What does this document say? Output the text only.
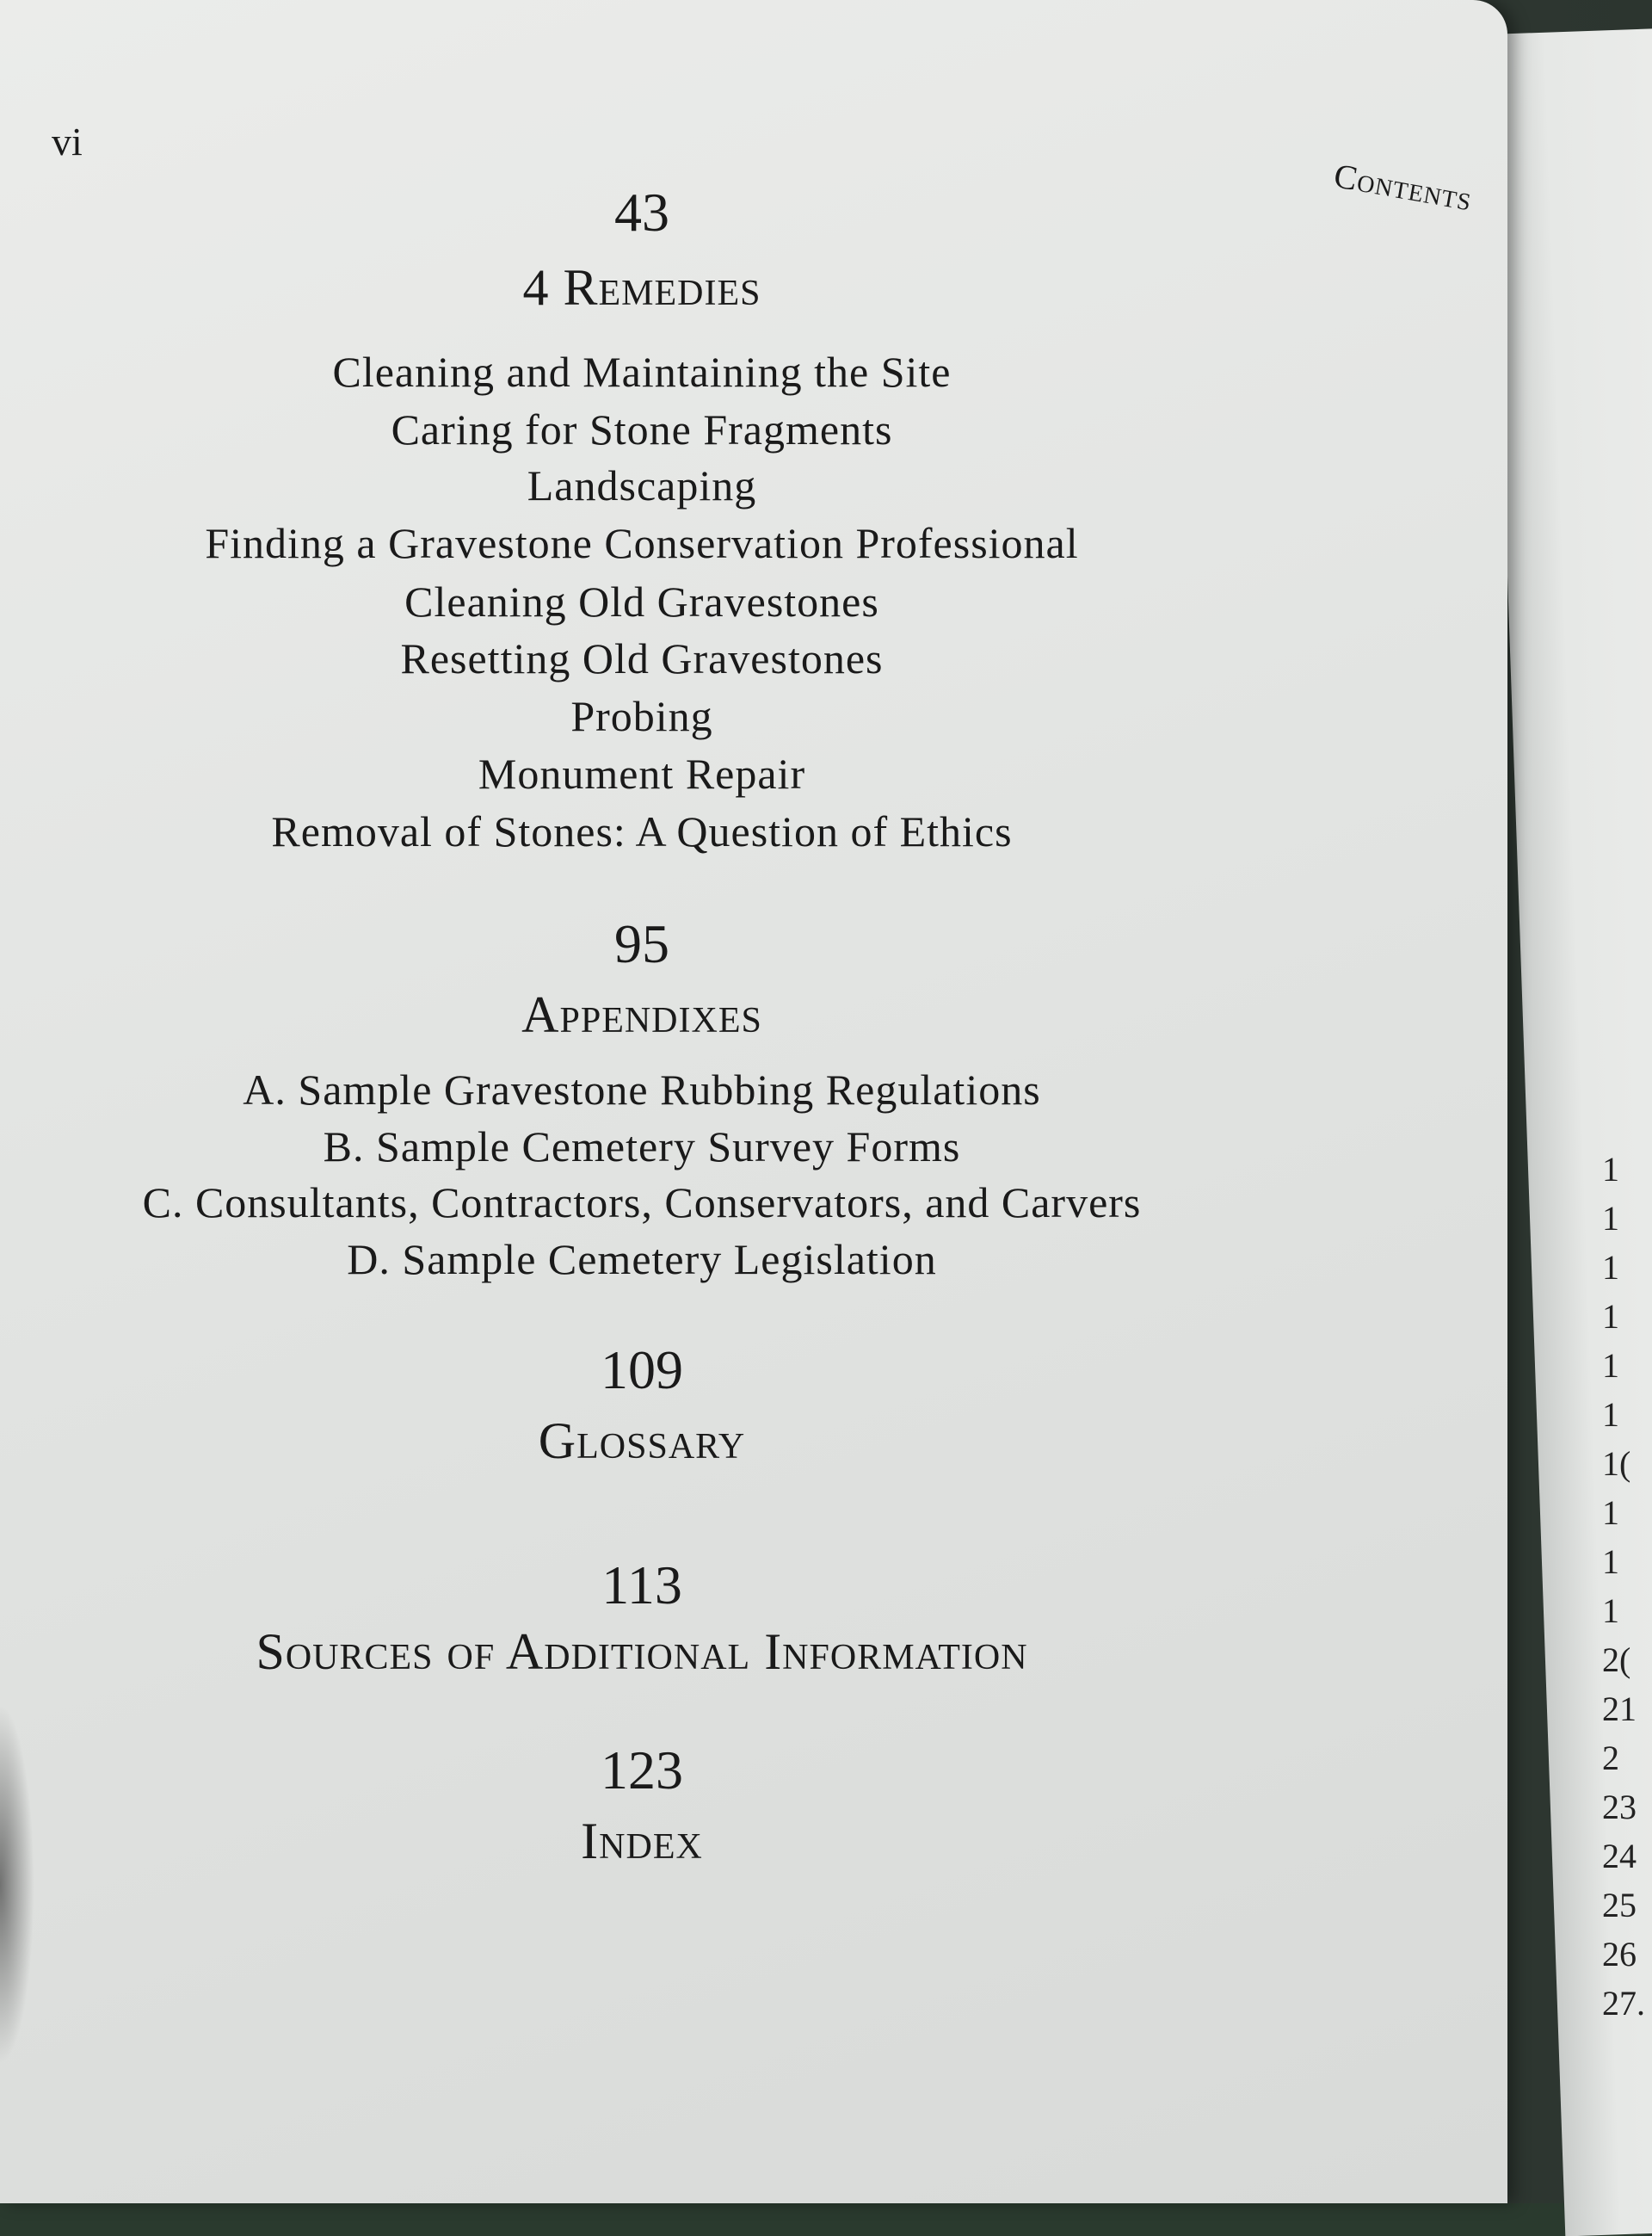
1
1
1
1
1
1
1(
1
1
1
2(
21
2
23
24
25
26
27.
vi
Contents
43
4 Remedies
Cleaning and Maintaining the Site
Caring for Stone Fragments
Landscaping
Finding a Gravestone Conservation Professional
Cleaning Old Gravestones
Resetting Old Gravestones
Probing
Monument Repair
Removal of Stones: A Question of Ethics
95
Appendixes
A. Sample Gravestone Rubbing Regulations
B. Sample Cemetery Survey Forms
C. Consultants, Contractors, Conservators, and Carvers
D. Sample Cemetery Legislation
109
Glossary
113
Sources of Additional Information
123
Index
